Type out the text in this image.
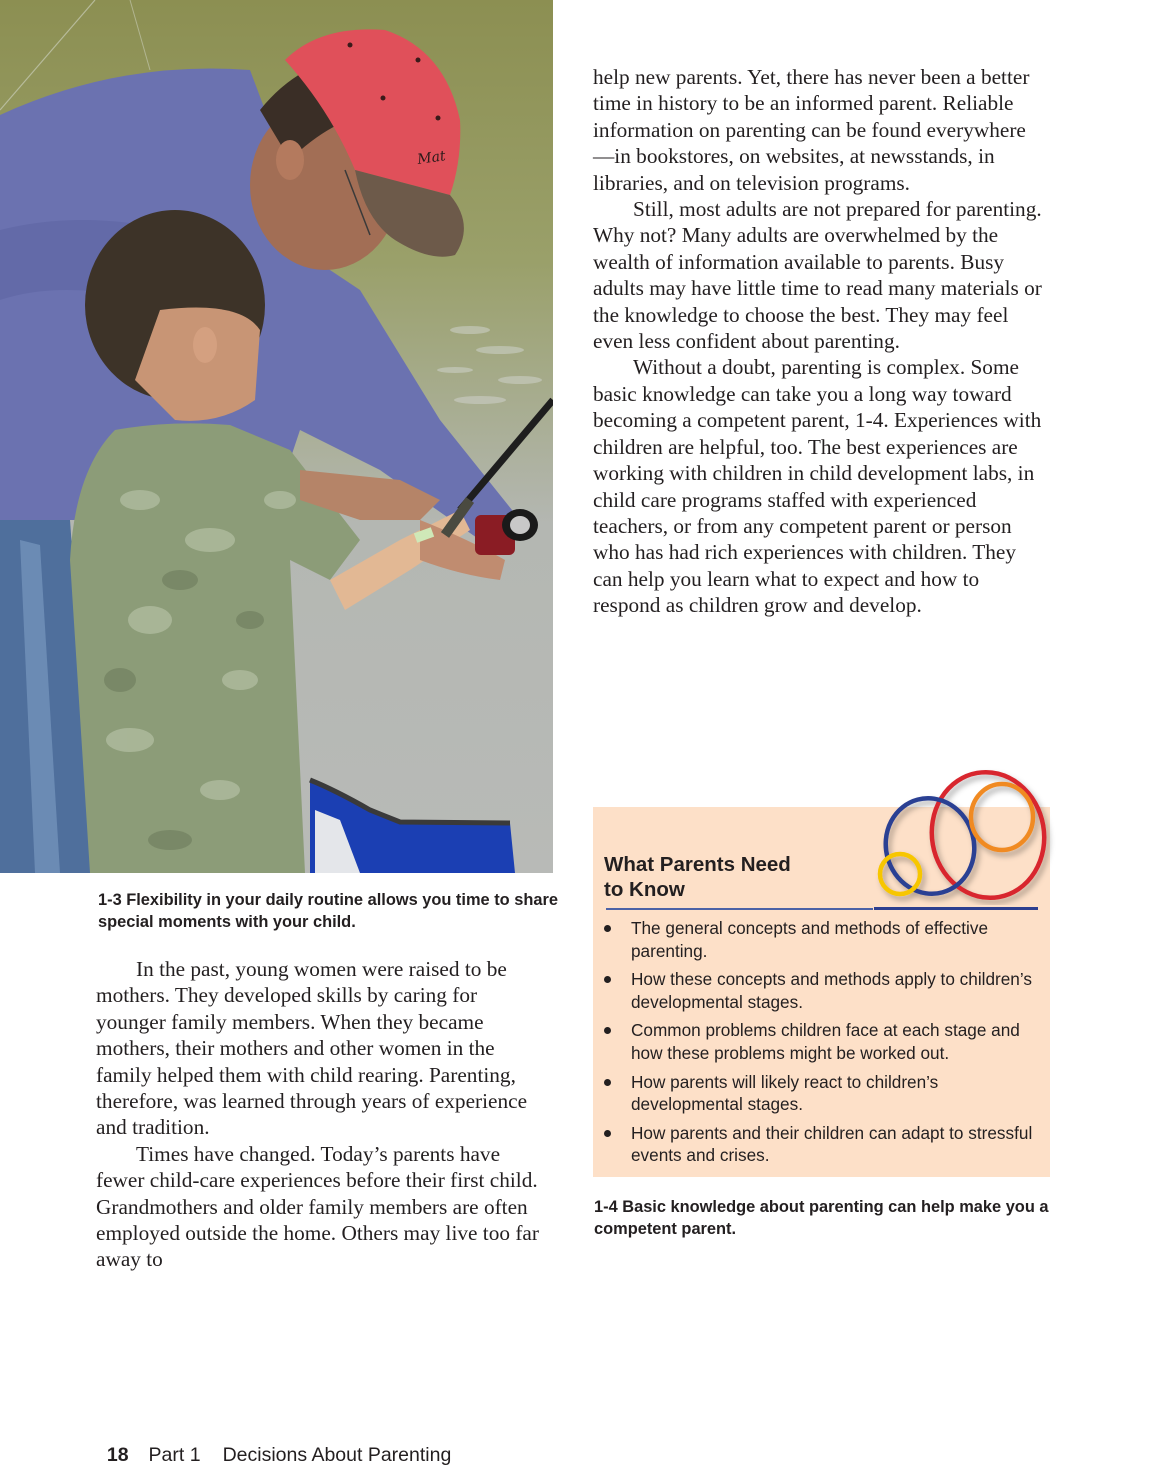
Mat

1-3 Flexibility in your daily routine allows you time to share special moments with your child.

In the past, young women were raised to be mothers. They developed skills by caring for younger family members. When they became mothers, their mothers and other women in the family helped them with child rearing. Parenting, therefore, was learned through years of experience and tradition.

Times have changed. Today’s parents have fewer child-care experiences before their first child. Grandmothers and older family members are often employed outside the home. Others may live too far away to

help new parents. Yet, there has never been a better time in history to be an informed parent. Reliable information on parenting can be found everywhere—in bookstores, on websites, at newsstands, in libraries, and on television programs.

Still, most adults are not prepared for parenting. Why not? Many adults are overwhelmed by the wealth of information available to parents. Busy adults may have little time to read many materials or the knowledge to choose the best. They may feel even less confident about parenting.

Without a doubt, parenting is complex. Some basic knowledge can take you a long way toward becoming a competent parent, 1-4. Experiences with children are helpful, too. The best experiences are working with children in child development labs, in child care programs staffed with experienced teachers, or from any competent parent or person who has had rich experiences with children. They can help you learn what to expect and how to respond as children grow and develop.

What Parents Need
to Know
The general concepts and methods of effective parenting.
How these concepts and methods apply to children’s developmental stages.
Common problems children face at each stage and how these problems might be worked out.
How parents will likely react to children’s developmental stages.
How parents and their children can adapt to stressful events and crises.

1-4 Basic knowledge about parenting can help make you a competent parent.

18 Part 1 Decisions About Parenting
